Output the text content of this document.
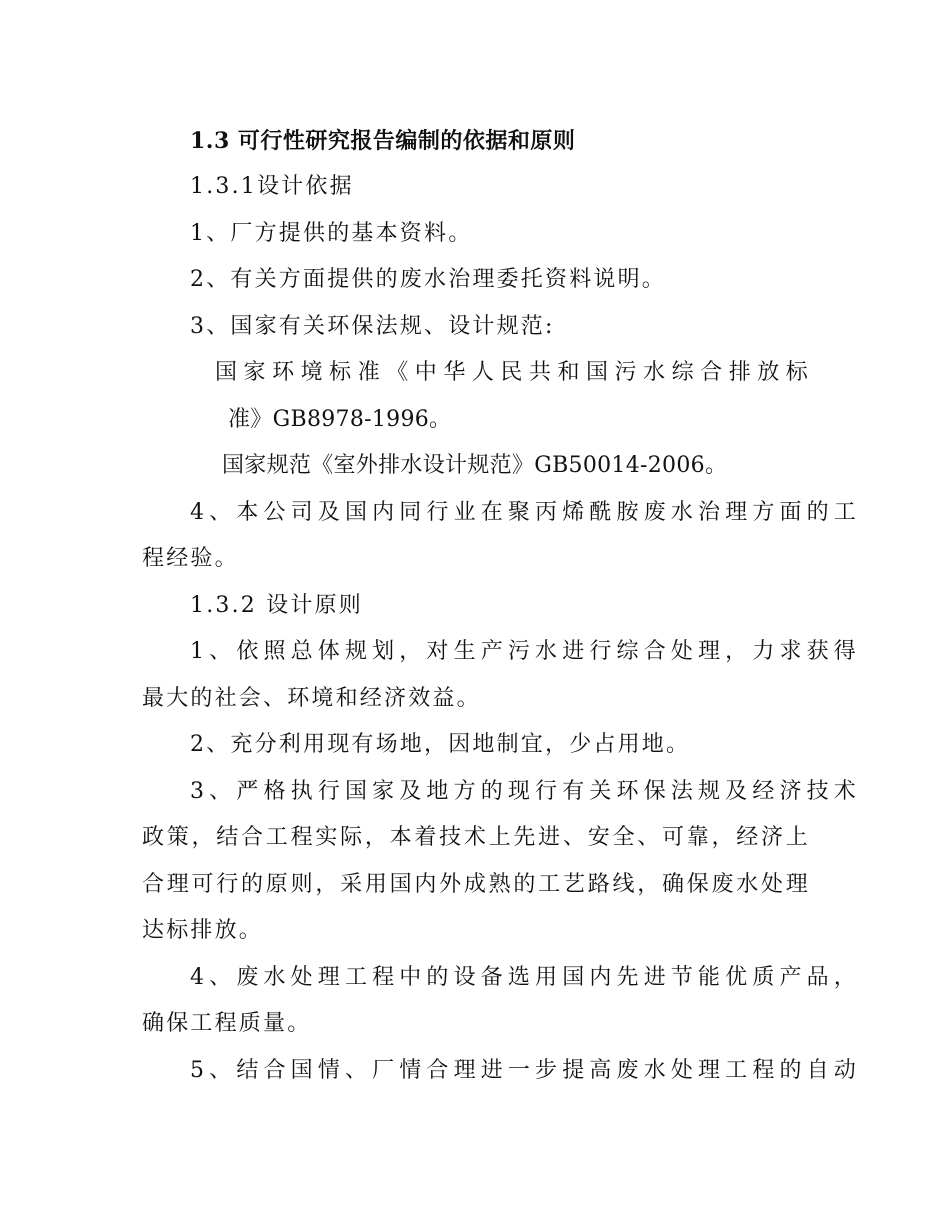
1.3 可行性研究报告编制的依据和原则
1.3.1设计依据
1、厂方提供的基本资料。
2、有关方面提供的废水治理委托资料说明。
3、国家有关环保法规、设计规范:
国家环境标准《中华人民共和国污水综合排放标
准》GB8978-1996。
国家规范《室外排水设计规范》GB50014-2006。
4、本公司及国内同行业在聚丙烯酰胺废水治理方面的工
程经验。
1.3.2 设计原则
1、依照总体规划，对生产污水进行综合处理，力求获得
最大的社会、环境和经济效益。
2、充分利用现有场地，因地制宜，少占用地。
3、严格执行国家及地方的现行有关环保法规及经济技术
政策，结合工程实际，本着技术上先进、安全、可靠，经济上
合理可行的原则，采用国内外成熟的工艺路线，确保废水处理
达标排放。
4、废水处理工程中的设备选用国内先进节能优质产品，
确保工程质量。
5、结合国情、厂情合理进一步提高废水处理工程的自动
